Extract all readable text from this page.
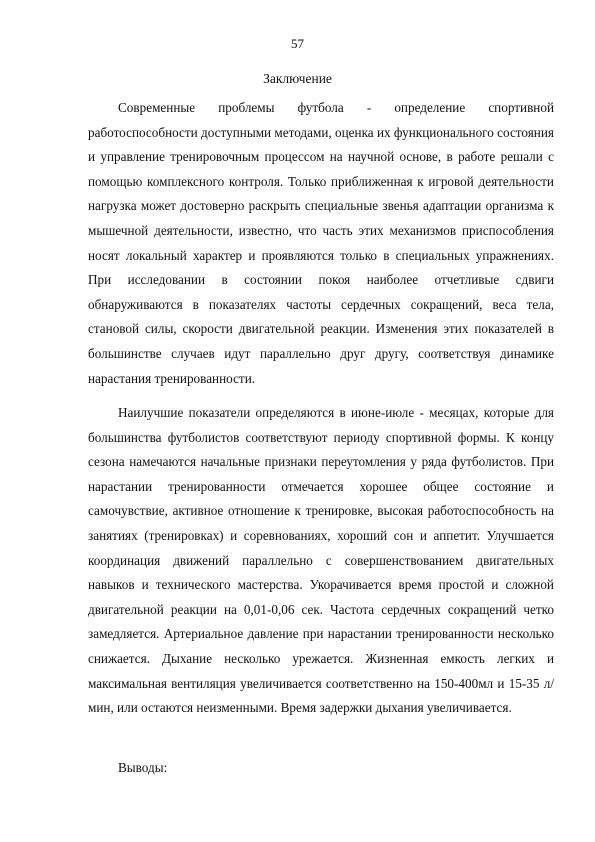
57
Заключение

Современные проблемы футбола - определение спортивной работоспособности доступными методами, оценка их функционального состояния и управление тренировочным процессом на научной основе, в работе решали с помощью комплексного контроля. Только приближенная к игровой деятельности нагрузка может достоверно раскрыть специальные звенья адаптации организма к мышечной деятельности, известно, что часть этих механизмов приспособления носят локальный характер и проявляются только в специальных упражнениях. При исследовании в состоянии покоя наиболее отчетливые сдвиги обнаруживаются в показателях частоты сердечных сокращений, веса тела, становой силы, скорости двигательной реакции. Изменения этих показателей в большинстве случаев идут параллельно друг другу, соответствуя динамике нарастания тренированности.

Наилучшие показатели определяются в июне-июле - месяцах, которые для большинства футболистов соответствуют периоду спортивной формы. К концу сезона намечаются начальные признаки переутомления у ряда футболистов. При нарастании тренированности отмечается хорошее общее состояние и самочувствие, активное отношение к тренировке, высокая работоспособность на занятиях (тренировках) и соревнованиях, хороший сон и аппетит. Улучшается координация движений параллельно с совершенствованием двигательных навыков и технического мастерства. Укорачивается время простой и сложной двигательной реакции на 0,01-0,06 сек. Частота сердечных сокращений четко замедляется. Артериальное давление при нарастании тренированности несколько снижается. Дыхание несколько урежается. Жизненная емкость легких и максимальная вентиляция увеличивается соответственно на 150-400мл и 15-35 л/мин, или остаются неизменными. Время задержки дыхания увеличивается.

Выводы:
